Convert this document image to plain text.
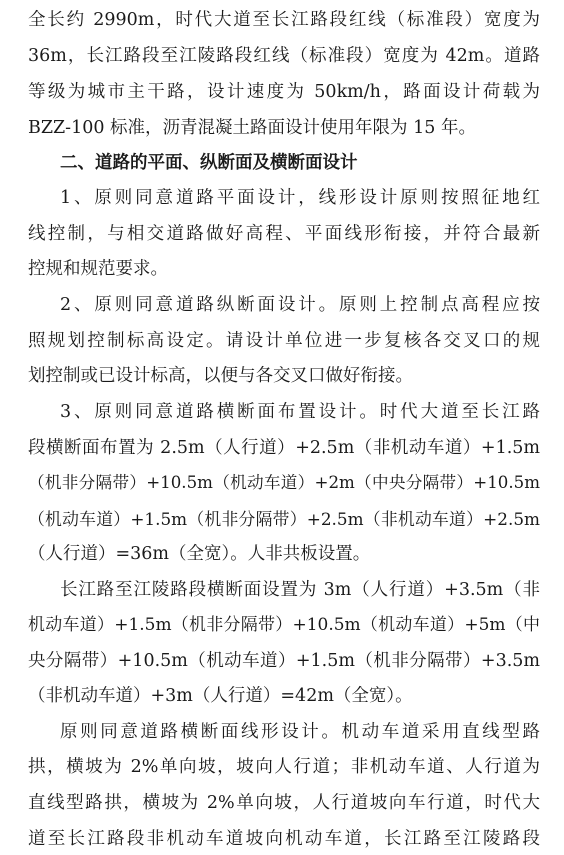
全长约 2990m，时代大道至长江路段红线（标准段）宽度为
36m，长江路段至江陵路段红线（标准段）宽度为 42m。道路
等级为城市主干路，设计速度为 50km/h，路面设计荷载为
BZZ-100 标准，沥青混凝土路面设计使用年限为 15 年。
二、道路的平面、纵断面及横断面设计
1、原则同意道路平面设计，线形设计原则按照征地红
线控制，与相交道路做好高程、平面线形衔接，并符合最新
控规和规范要求。
2、原则同意道路纵断面设计。原则上控制点高程应按
照规划控制标高设定。请设计单位进一步复核各交叉口的规
划控制或已设计标高，以便与各交叉口做好衔接。
3、原则同意道路横断面布置设计。时代大道至长江路
段横断面布置为 2.5m（人行道）+2.5m（非机动车道）+1.5m
（机非分隔带）+10.5m（机动车道）+2m（中央分隔带）+10.5m
（机动车道）+1.5m（机非分隔带）+2.5m（非机动车道）+2.5m
（人行道）=36m（全宽）。人非共板设置。
长江路至江陵路段横断面设置为 3m（人行道）+3.5m（非
机动车道）+1.5m（机非分隔带）+10.5m（机动车道）+5m（中
央分隔带）+10.5m（机动车道）+1.5m（机非分隔带）+3.5m
（非机动车道）+3m（人行道）=42m（全宽）。
原则同意道路横断面线形设计。机动车道采用直线型路
拱，横坡为 2%单向坡，坡向人行道；非机动车道、人行道为
直线型路拱，横坡为 2%单向坡，人行道坡向车行道，时代大
道至长江路段非机动车道坡向机动车道，长江路至江陵路段
